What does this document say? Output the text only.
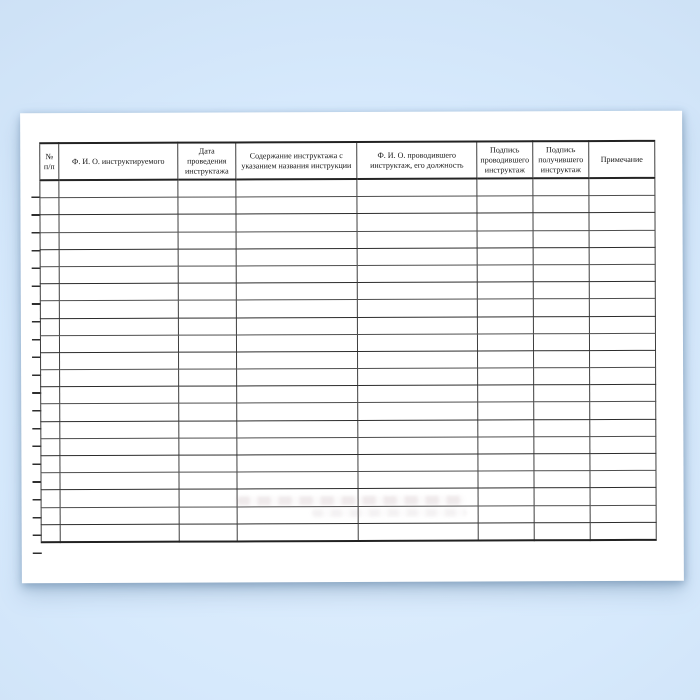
№ п/п	Ф. И. О. инструктируемого	Дата проведения инструктажа	Содержание инструктажа с указанием названия инструкции	Ф. И. О. проводившего инструктаж, его должность	Подпись проводившего инструктаж	Подпись получившего инструктаж	Примечание
